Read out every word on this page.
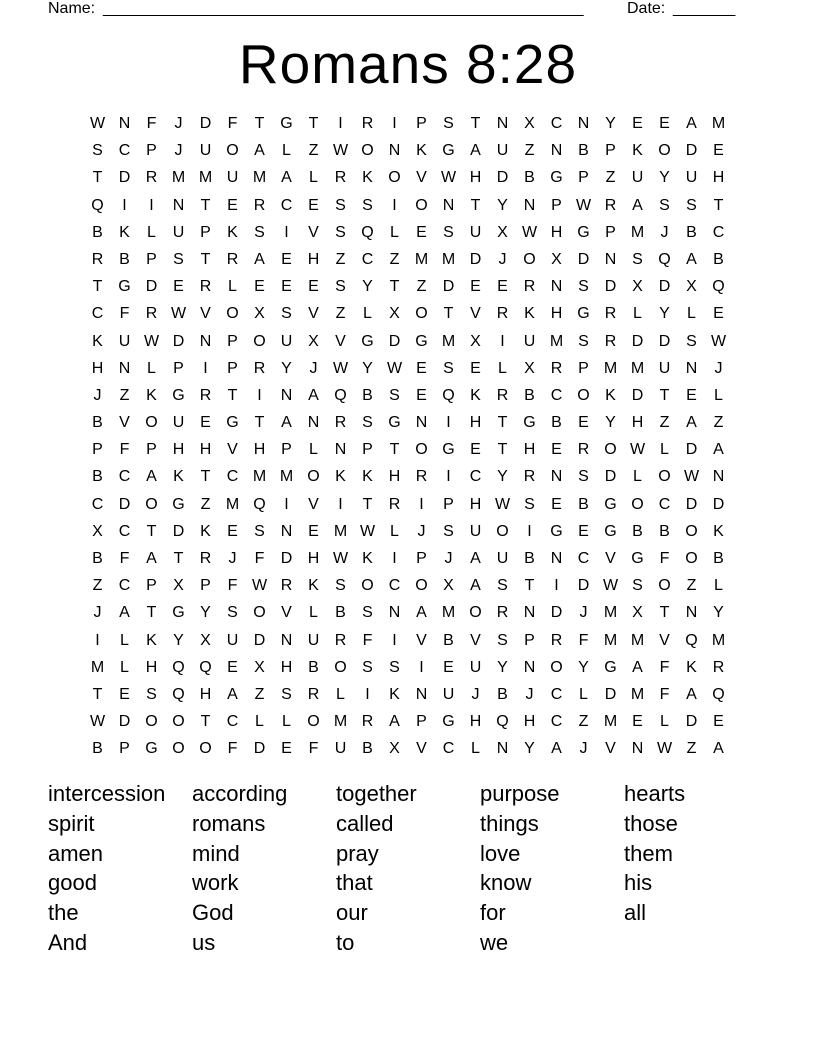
Name: ______________________________________________________	Date: _______
Romans 8:28
W N	F	J	D	F	T G T	I	R	I	P	S	T	N X C N Y	E	E	A M
S C P	J	U O A	L	Z W O N K G A U	Z	N B	P	K O D E
T	D R M M U M A	L	R K O V W H D B G P	Z	U Y U H
Q	I	I	N	T	E R C E	S	S	I	O N	T	Y N P W R A	S	S	T
B	K	L	U P	K	S	I	V	S Q	L	E	S U X W H G P M	J	B C
R B	P	S	T	R A	E H	Z	C	Z M M D	J	O X D N S Q A	B
T G D E R	L	E	E	E	S	Y	T	Z	D E	E R N S D X D X Q
C	F	R W V O X	S	V	Z	L	X O T	V R K H G R	L	Y	L	E
K U W D N P O U X	V G D G M X	I	U M S R D D S W
H N	L	P	I	P R Y	J W Y W E	S	E	L	X R P M M U N	J
J	Z	K G R	T	I	N A Q B	S	E Q K R B C O K D	T	E	L
B	V O U E G T	A N R S G N	I	H	T G B	E	Y H	Z	A	Z
P	F	P H H V H P	L	N P	T O G E	T	H E R O W L	D A
B C A	K	T	C M M O K	K H R	I	C Y R N S D	L	O W N
C D O G Z M Q	I	V	I	T	R	I	P H W S	E	B G O C D D
X C	T	D K	E	S N E M W L	J	S U O	I	G E G B	B O K
B	F	A	T	R	J	F	D H W K	I	P	J	A U B N C V G F O B
Z	C P	X	P	F W R K	S O C O X	A	S	T	I	D W S O Z	L
J	A	T G Y	S O V	L	B	S N A M O R N D	J	M X	T	N Y
I	L	K	Y	X U D N U R	F	I	V	B	V	S	P R	F M M V Q M
M L	H Q Q E	X H B O S	S	I	E U Y N O Y G A	F	K R
T	E	S Q H A	Z	S R	L	I	K N U	J	B	J	C	L	D M F	A Q
W D O O T	C	L	L	O M R A	P G H Q H C	Z M E	L	D E
B	P G O O F	D E	F	U B	X	V C	L	N Y	A	J	V N W Z	A
intercession	according	together	purpose	hearts
spirit	romans	called	things	those
amen	mind	pray	love	them
good	work	that	know	his
the	God	our	for	all
And	us	to	we
